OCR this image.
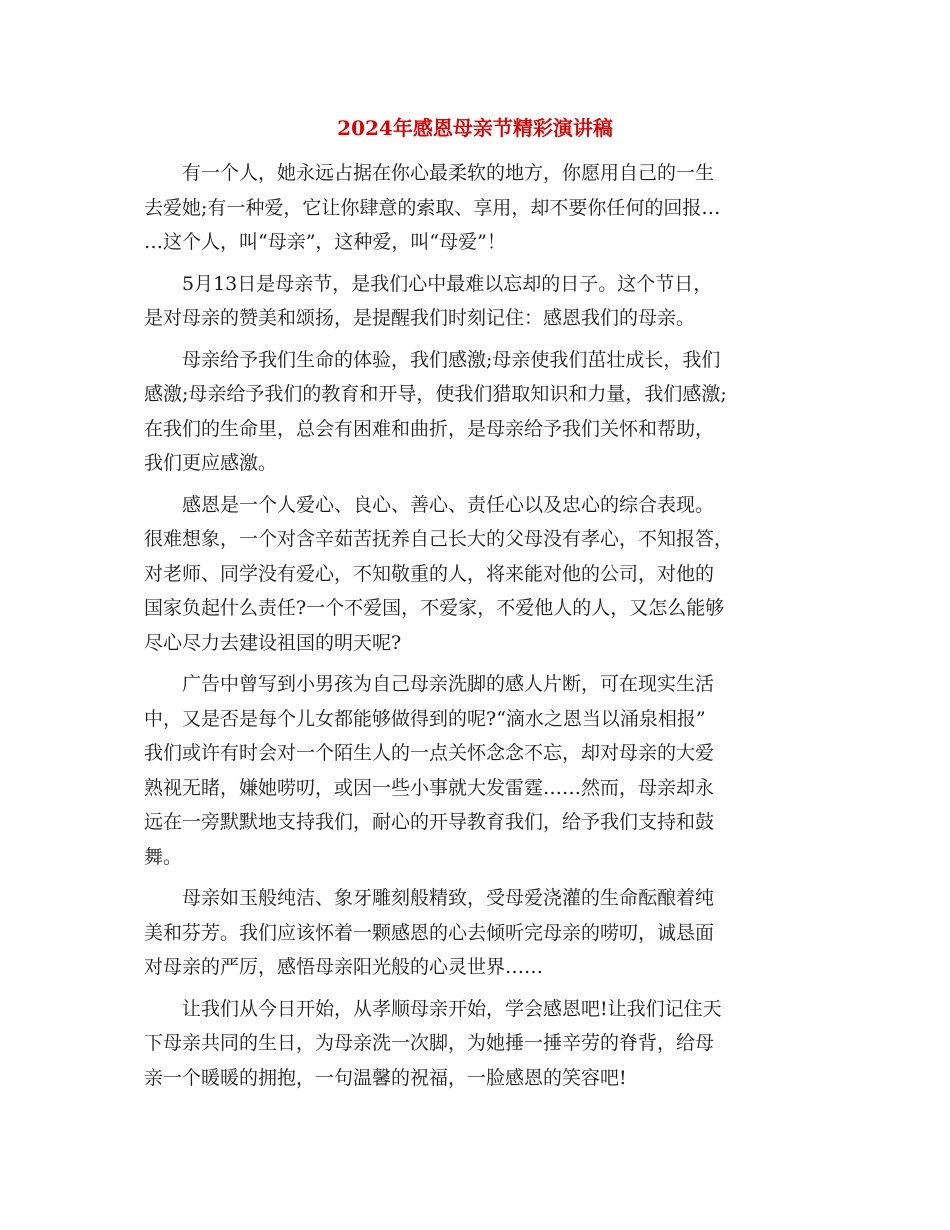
2024年感恩母亲节精彩演讲稿

有一个人，她永远占据在你心最柔软的地方，你愿用自己的一生
去爱她;有一种爱，它让你肆意的索取、享用，却不要你任何的回报…
…这个人，叫“母亲”，这种爱，叫“母爱”！

5月13日是母亲节，是我们心中最难以忘却的日子。这个节日，
是对母亲的赞美和颂扬，是提醒我们时刻记住：感恩我们的母亲。

母亲给予我们生命的体验，我们感激;母亲使我们茁壮成长，我们
感激;母亲给予我们的教育和开导，使我们猎取知识和力量，我们感激;
在我们的生命里，总会有困难和曲折，是母亲给予我们关怀和帮助，
我们更应感激。

感恩是一个人爱心、良心、善心、责任心以及忠心的综合表现。
很难想象，一个对含辛茹苦抚养自己长大的父母没有孝心，不知报答，
对老师、同学没有爱心，不知敬重的人，将来能对他的公司，对他的
国家负起什么责任?一个不爱国，不爱家，不爱他人的人，又怎么能够
尽心尽力去建设祖国的明天呢?

广告中曾写到小男孩为自己母亲洗脚的感人片断，可在现实生活
中，又是否是每个儿女都能够做得到的呢?“滴水之恩当以涌泉相报”
我们或许有时会对一个陌生人的一点关怀念念不忘，却对母亲的大爱
熟视无睹，嫌她唠叨，或因一些小事就大发雷霆……然而，母亲却永
远在一旁默默地支持我们，耐心的开导教育我们，给予我们支持和鼓
舞。

母亲如玉般纯洁、象牙雕刻般精致，受母爱浇灌的生命酝酿着纯
美和芬芳。我们应该怀着一颗感恩的心去倾听完母亲的唠叨，诚恳面
对母亲的严厉，感悟母亲阳光般的心灵世界……

让我们从今日开始，从孝顺母亲开始，学会感恩吧!让我们记住天
下母亲共同的生日，为母亲洗一次脚，为她捶一捶辛劳的脊背，给母
亲一个暖暖的拥抱，一句温馨的祝福，一脸感恩的笑容吧!
